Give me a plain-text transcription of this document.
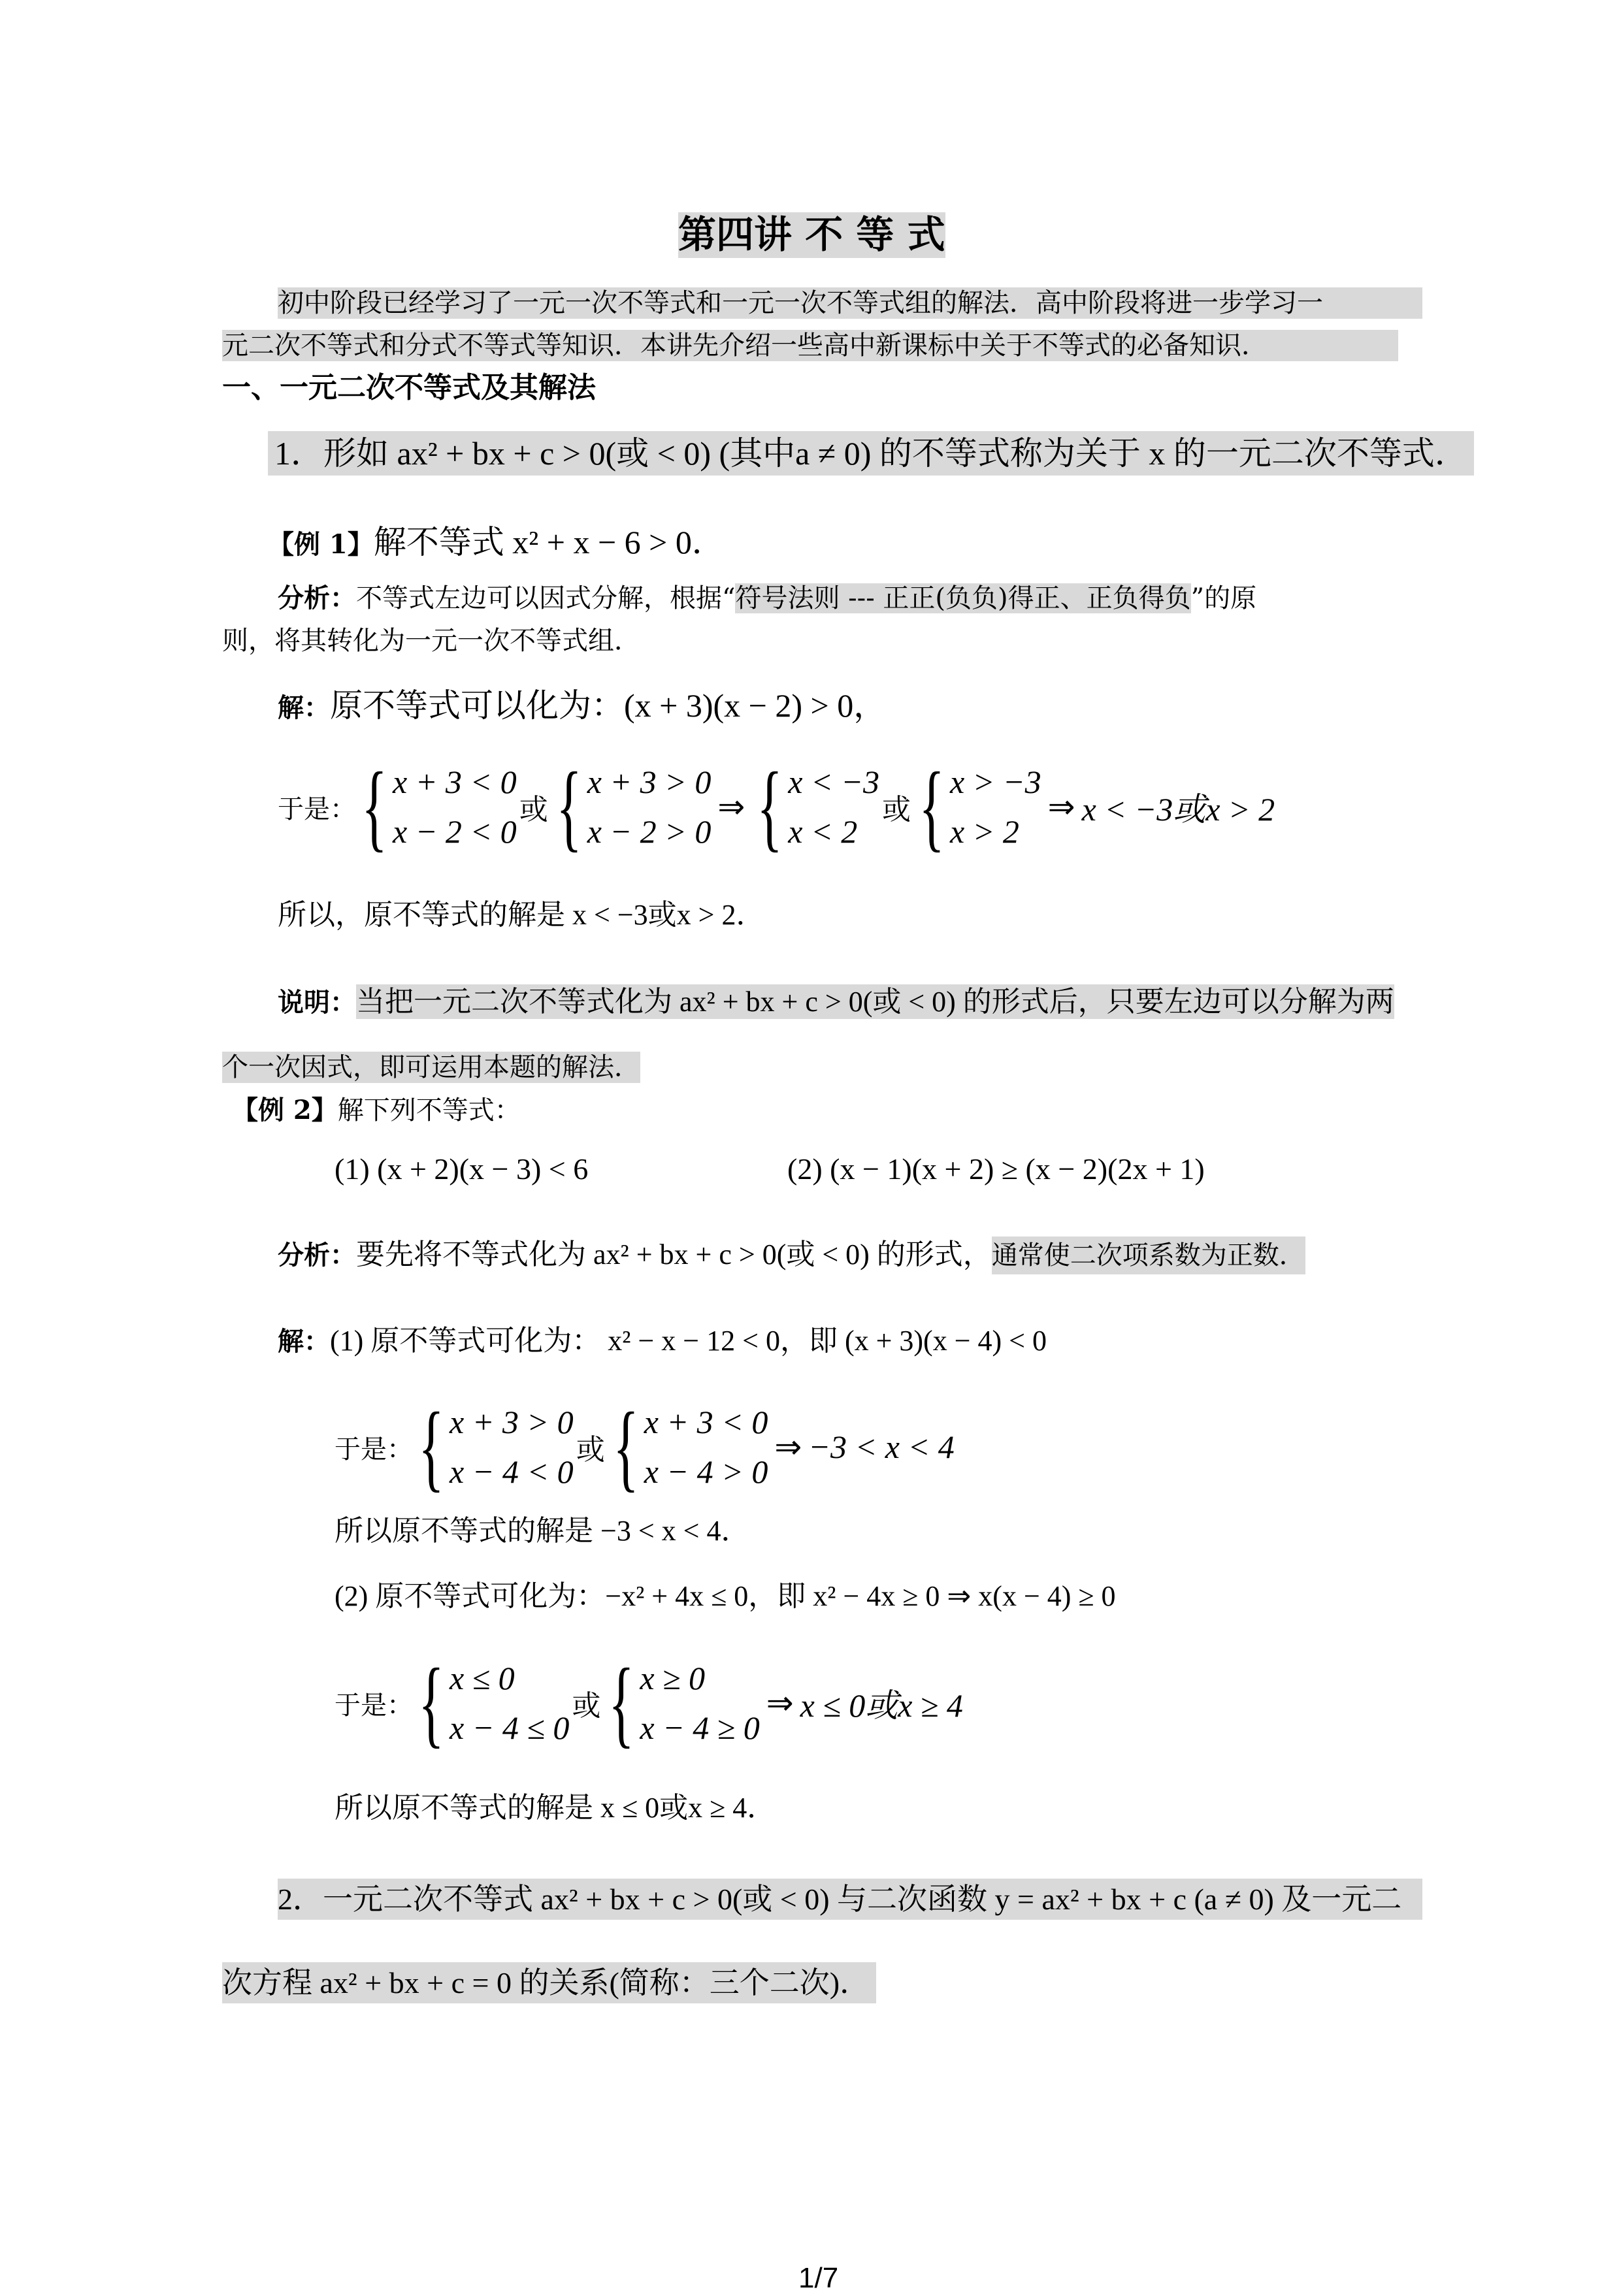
第四讲 不 等 式
初中阶段已经学习了一元一次不等式和一元一次不等式组的解法．高中阶段将进一步学习一
元二次不等式和分式不等式等知识．本讲先介绍一些高中新课标中关于不等式的必备知识．
一、一元二次不等式及其解法
1．形如 ax² + bx + c > 0(或 < 0) (其中a ≠ 0) 的不等式称为关于 x 的一元二次不等式．
【例 1】解不等式 x² + x − 6 > 0．
分析：不等式左边可以因式分解，根据“符号法则 --- 正正(负负)得正、正负得负”的原
则，将其转化为一元一次不等式组．
解：原不等式可以化为：(x + 3)(x − 2) > 0，
于是： { x + 3 < 0
x − 2 < 0
或 { x + 3 > 0
x − 2 > 0
⇒ { x < −3
x < 2
或 { x > −3
x > 2
⇒ x < −3或x > 2
所以，原不等式的解是 x < −3或x > 2．
说明：当把一元二次不等式化为 ax² + bx + c > 0(或 < 0) 的形式后，只要左边可以分解为两
个一次因式，即可运用本题的解法．
【例 2】解下列不等式：
(1) (x + 2)(x − 3) < 6	(2) (x − 1)(x + 2) ≥ (x − 2)(2x + 1)
分析：要先将不等式化为 ax² + bx + c > 0(或 < 0) 的形式，通常使二次项系数为正数．
解：(1) 原不等式可化为： x² − x − 12 < 0，即 (x + 3)(x − 4) < 0
于是： { x + 3 > 0
x − 4 < 0
或 { x + 3 < 0
x − 4 > 0
⇒ −3 < x < 4
所以原不等式的解是 −3 < x < 4．
(2) 原不等式可化为：−x² + 4x ≤ 0，即 x² − 4x ≥ 0 ⇒ x(x − 4) ≥ 0
于是： { x ≤ 0
x − 4 ≤ 0
或 { x ≥ 0
x − 4 ≥ 0
⇒ x ≤ 0或x ≥ 4
所以原不等式的解是 x ≤ 0或x ≥ 4．
2．一元二次不等式 ax² + bx + c > 0(或 < 0) 与二次函数 y = ax² + bx + c (a ≠ 0) 及一元二
次方程 ax² + bx + c = 0 的关系(简称：三个二次)．
1/7
